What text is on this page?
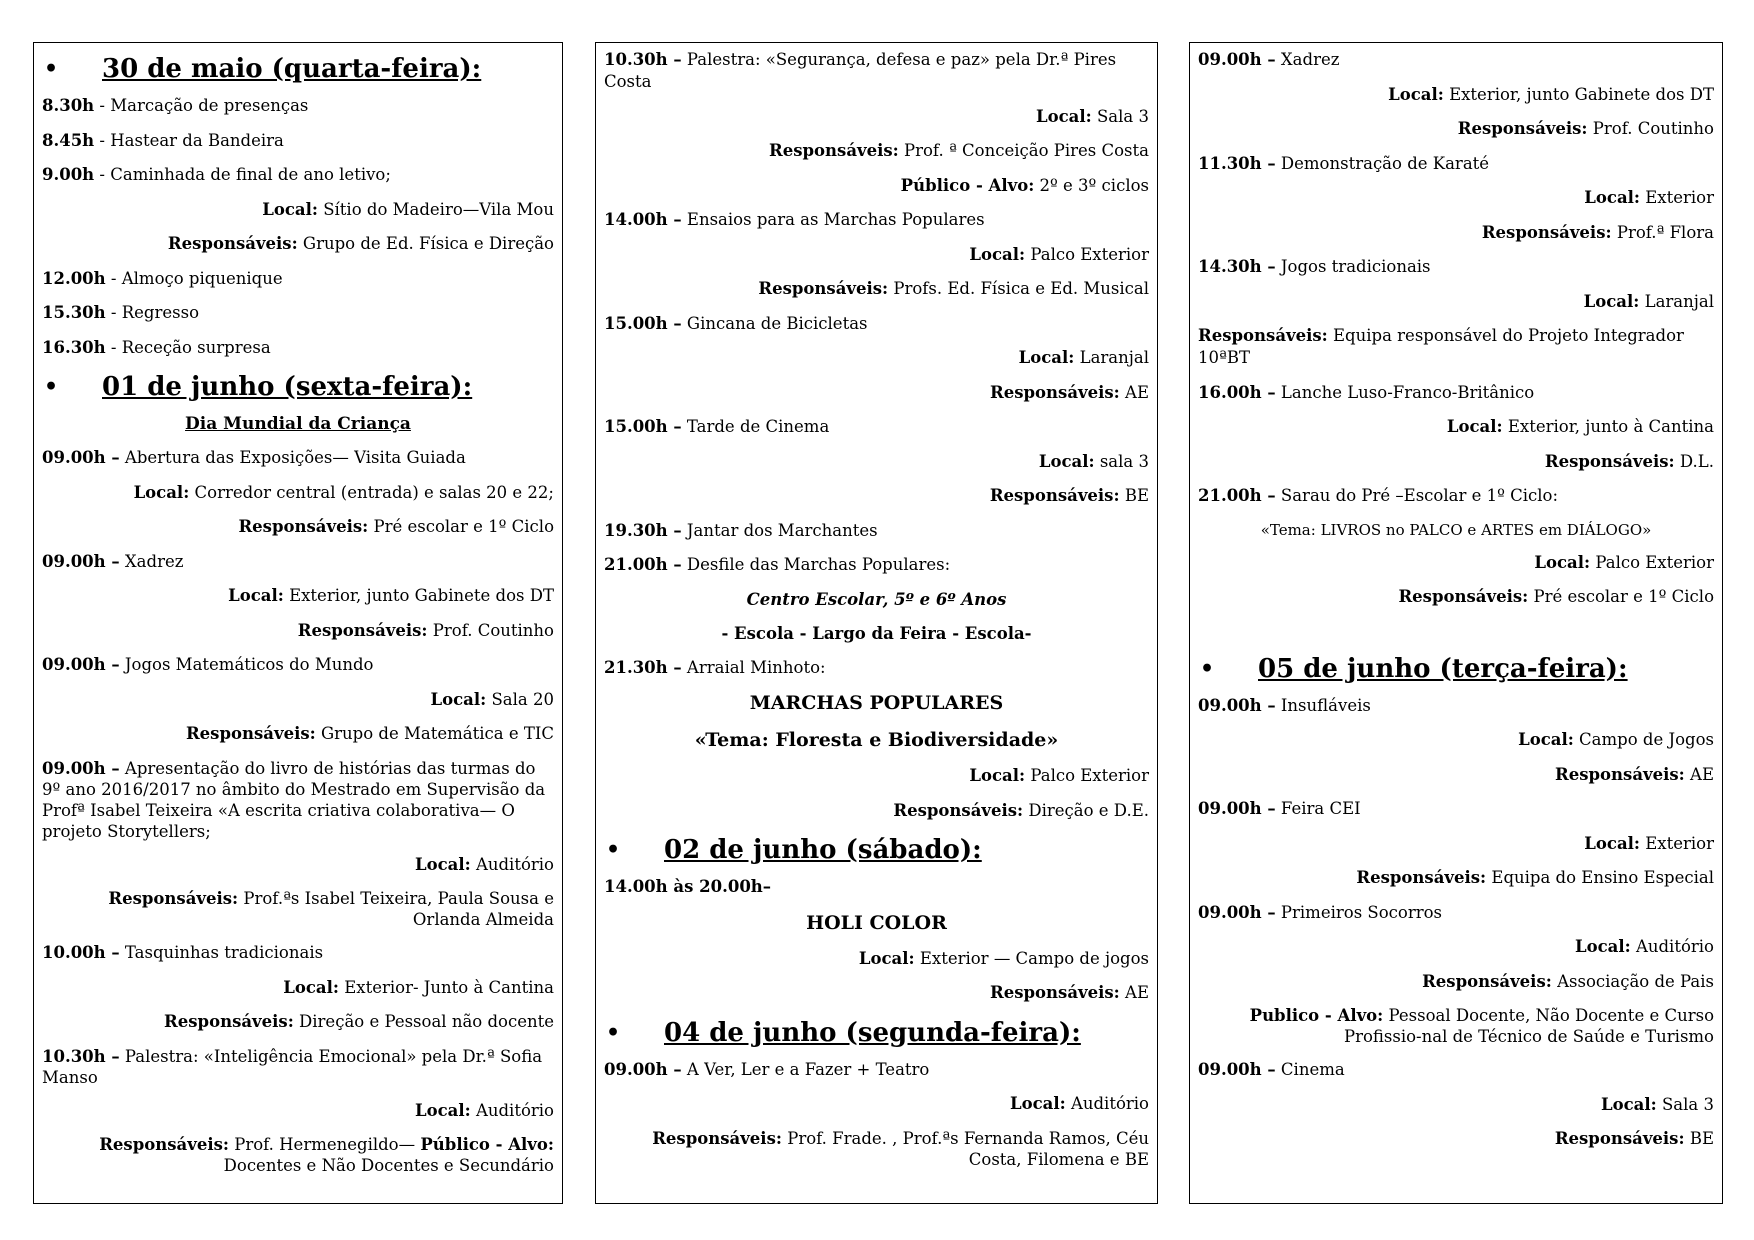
• 30 de maio (quarta-feira):
8.30h - Marcação de presenças
8.45h - Hastear da Bandeira
9.00h - Caminhada de final de ano letivo;
Local: Sítio do Madeiro—Vila Mou
Responsáveis: Grupo de Ed. Física e Direção
12.00h - Almoço piquenique
15.30h - Regresso
16.30h - Receção surpresa
• 01 de junho (sexta-feira):
Dia Mundial da Criança
09.00h – Abertura das Exposições— Visita Guiada
Local: Corredor central (entrada) e salas 20 e 22;
Responsáveis: Pré escolar e 1º Ciclo
09.00h – Xadrez
Local: Exterior, junto Gabinete dos DT
Responsáveis: Prof. Coutinho
09.00h – Jogos Matemáticos do Mundo
Local: Sala 20
Responsáveis: Grupo de Matemática e TIC
09.00h – Apresentação do livro de histórias das turmas do 9º ano 2016/2017 no âmbito do Mestrado em Supervisão da Profª Isabel Teixeira «A escrita criativa colaborativa— O projeto Storytellers;
Local: Auditório
Responsáveis: Prof.ªs Isabel Teixeira, Paula Sousa e Orlanda Almeida
10.00h – Tasquinhas tradicionais
Local: Exterior- Junto à Cantina
Responsáveis: Direção e Pessoal não docente
10.30h – Palestra: «Inteligência Emocional» pela Dr.ª Sofia Manso
Local: Auditório
Responsáveis: Prof. Hermenegildo— Público - Alvo: Docentes e Não Docentes e Secundário
10.30h – Palestra: «Segurança, defesa e paz» pela Dr.ª Pires Costa
Local: Sala 3
Responsáveis: Prof. ª Conceição Pires Costa
Público - Alvo: 2º e 3º ciclos
14.00h – Ensaios para as Marchas Populares
Local: Palco Exterior
Responsáveis: Profs. Ed. Física e Ed. Musical
15.00h – Gincana de Bicicletas
Local: Laranjal
Responsáveis: AE
15.00h – Tarde de Cinema
Local: sala 3
Responsáveis: BE
19.30h – Jantar dos Marchantes
21.00h – Desfile das Marchas Populares:
Centro Escolar, 5º e 6º Anos
- Escola - Largo da Feira - Escola-
21.30h – Arraial Minhoto:
MARCHAS POPULARES
«Tema: Floresta e Biodiversidade»
Local: Palco Exterior
Responsáveis: Direção e D.E.
• 02 de junho (sábado):
14.00h às 20.00h–
HOLI COLOR
Local: Exterior — Campo de jogos
Responsáveis: AE
• 04 de junho (segunda-feira):
09.00h – A Ver, Ler e a Fazer + Teatro
Local: Auditório
Responsáveis: Prof. Frade. , Prof.ªs Fernanda Ramos, Céu Costa, Filomena e BE
09.00h – Xadrez
Local: Exterior, junto Gabinete dos DT
Responsáveis: Prof. Coutinho
11.30h – Demonstração de Karaté
Local: Exterior
Responsáveis: Prof.ª Flora
14.30h – Jogos tradicionais
Local: Laranjal
Responsáveis: Equipa responsável do Projeto Integrador 10ªBT
16.00h – Lanche Luso-Franco-Britânico
Local: Exterior, junto à Cantina
Responsáveis: D.L.
21.00h – Sarau do Pré –Escolar e 1º Ciclo:
«Tema: LIVROS no PALCO e ARTES em DIÁLOGO»
Local: Palco Exterior
Responsáveis: Pré escolar e 1º Ciclo
• 05 de junho (terça-feira):
09.00h – Insufláveis
Local: Campo de Jogos
Responsáveis: AE
09.00h – Feira CEI
Local: Exterior
Responsáveis: Equipa do Ensino Especial
09.00h – Primeiros Socorros
Local: Auditório
Responsáveis: Associação de Pais
Publico - Alvo: Pessoal Docente, Não Docente e Curso Profissio-nal de Técnico de Saúde e Turismo
09.00h – Cinema
Local: Sala 3
Responsáveis: BE
